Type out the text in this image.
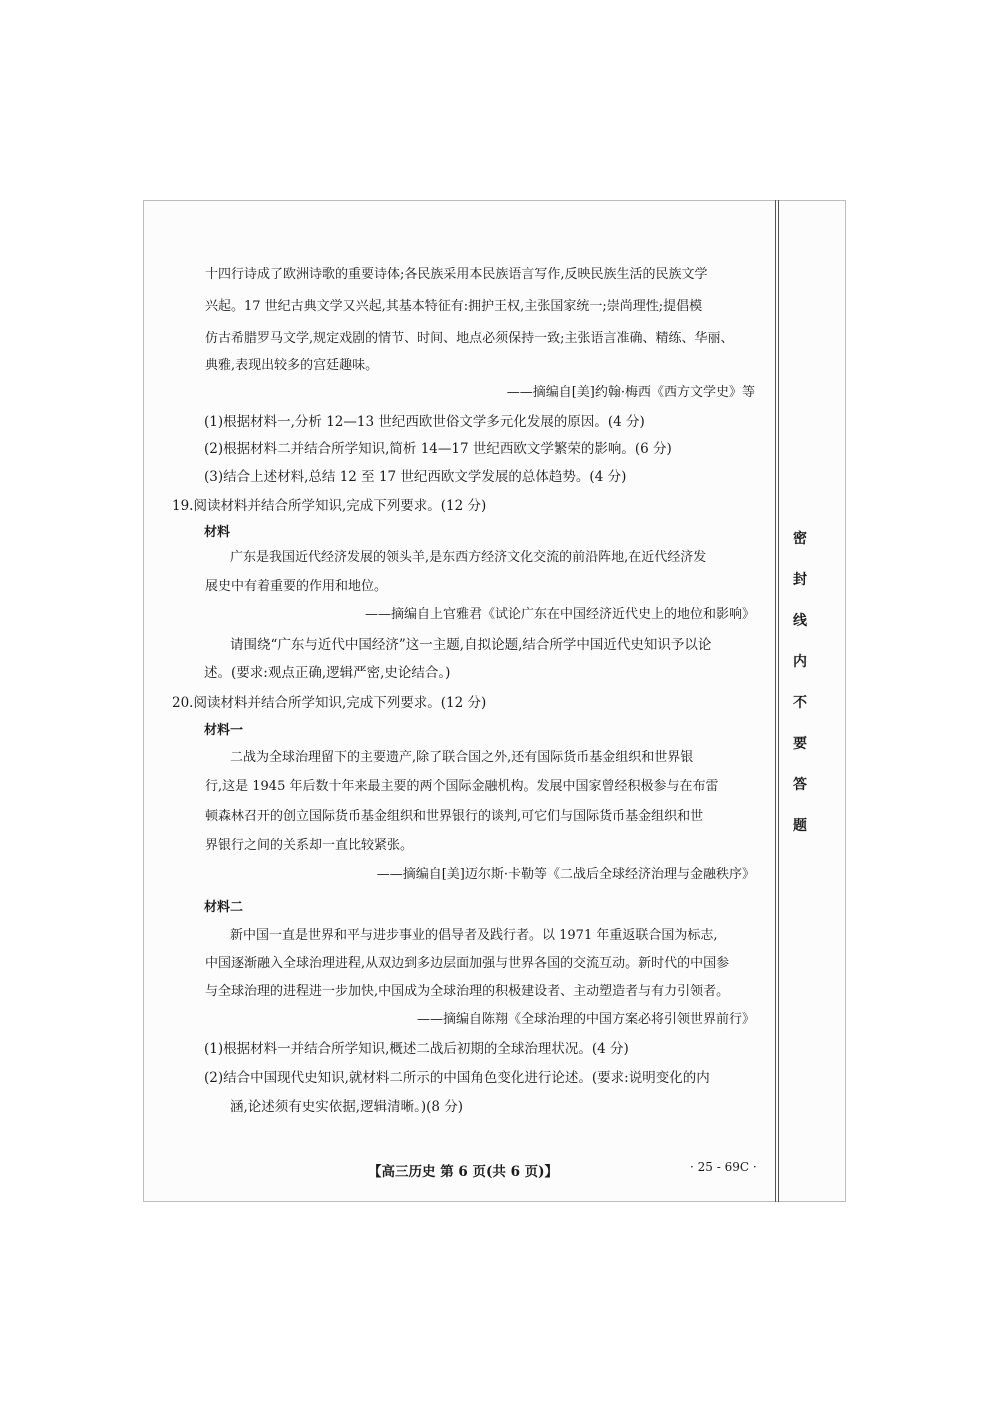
密
封
线
内
不
要
答
题
十四行诗成了欧洲诗歌的重要诗体;各民族采用本民族语言写作,反映民族生活的民族文学
兴起。17 世纪古典文学又兴起,其基本特征有:拥护王权,主张国家统一;崇尚理性;提倡模
仿古希腊罗马文学,规定戏剧的情节、时间、地点必须保持一致;主张语言准确、精练、华丽、
典雅,表现出较多的宫廷趣味。
——摘编自[美]约翰·梅西《西方文学史》等
(1)根据材料一,分析 12—13 世纪西欧世俗文学多元化发展的原因。(4 分)
(2)根据材料二并结合所学知识,简析 14—17 世纪西欧文学繁荣的影响。(6 分)
(3)结合上述材料,总结 12 至 17 世纪西欧文学发展的总体趋势。(4 分)
19.阅读材料并结合所学知识,完成下列要求。(12 分)
材料
广东是我国近代经济发展的领头羊,是东西方经济文化交流的前沿阵地,在近代经济发
展史中有着重要的作用和地位。
——摘编自上官雅君《试论广东在中国经济近代史上的地位和影响》
请围绕“广东与近代中国经济”这一主题,自拟论题,结合所学中国近代史知识予以论
述。(要求:观点正确,逻辑严密,史论结合。)
20.阅读材料并结合所学知识,完成下列要求。(12 分)
材料一
二战为全球治理留下的主要遗产,除了联合国之外,还有国际货币基金组织和世界银
行,这是 1945 年后数十年来最主要的两个国际金融机构。发展中国家曾经积极参与在布雷
顿森林召开的创立国际货币基金组织和世界银行的谈判,可它们与国际货币基金组织和世
界银行之间的关系却一直比较紧张。
——摘编自[美]迈尔斯·卡勒等《二战后全球经济治理与金融秩序》
材料二
新中国一直是世界和平与进步事业的倡导者及践行者。以 1971 年重返联合国为标志,
中国逐渐融入全球治理进程,从双边到多边层面加强与世界各国的交流互动。新时代的中国参
与全球治理的进程进一步加快,中国成为全球治理的积极建设者、主动塑造者与有力引领者。
——摘编自陈翔《全球治理的中国方案必将引领世界前行》
(1)根据材料一并结合所学知识,概述二战后初期的全球治理状况。(4 分)
(2)结合中国现代史知识,就材料二所示的中国角色变化进行论述。(要求:说明变化的内
涵,论述须有史实依据,逻辑清晰。)(8 分)
【高三历史 第 6 页(共 6 页)】	· 25 - 69C ·
